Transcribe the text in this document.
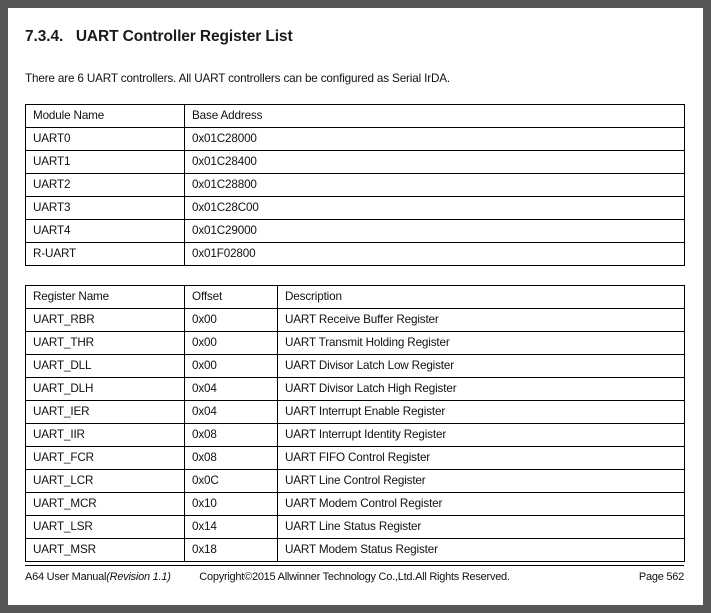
7.3.4. UART Controller Register List

There are 6 UART controllers. All UART controllers can be configured as Serial IrDA.

Module Name	Base Address
UART0	0x01C28000
UART1	0x01C28400
UART2	0x01C28800
UART3	0x01C28C00
UART4	0x01C29000
R-UART	0x01F02800
Register Name	Offset	Description
UART_RBR	0x00	UART Receive Buffer Register
UART_THR	0x00	UART Transmit Holding Register
UART_DLL	0x00	UART Divisor Latch Low Register
UART_DLH	0x04	UART Divisor Latch High Register
UART_IER	0x04	UART Interrupt Enable Register
UART_IIR	0x08	UART Interrupt Identity Register
UART_FCR	0x08	UART FIFO Control Register
UART_LCR	0x0C	UART Line Control Register
UART_MCR	0x10	UART Modem Control Register
UART_LSR	0x14	UART Line Status Register
UART_MSR	0x18	UART Modem Status Register
A64 User Manual(Revision 1.1)	Copyright©2015 Allwinner Technology Co.,Ltd.All Rights Reserved.	Page 562
